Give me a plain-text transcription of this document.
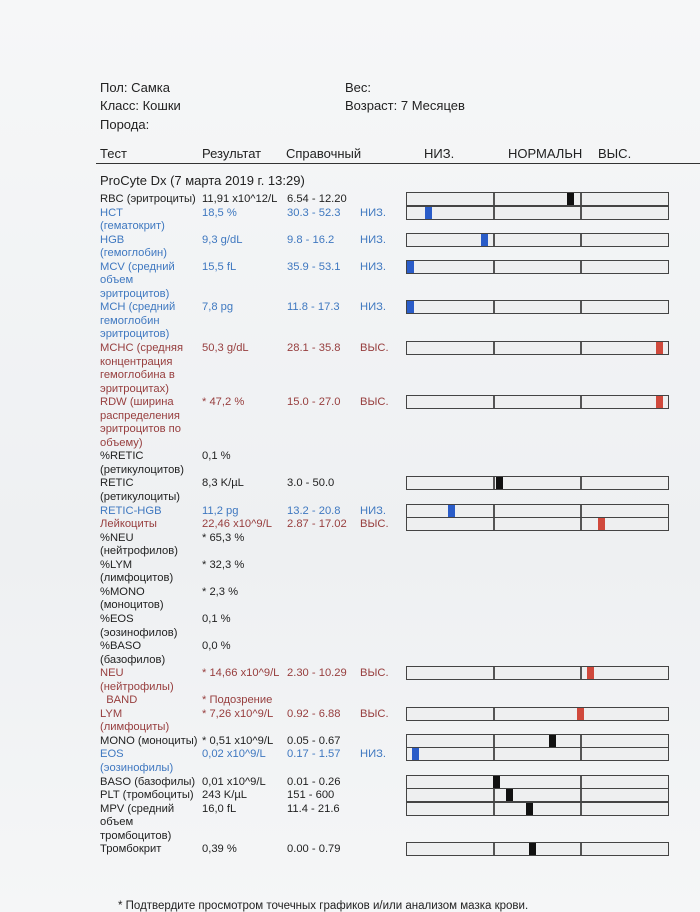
Пол: Самка
Класс: Кошки
Порода:
Вес:
Возраст: 7 Месяцев
Тест	Результат Справочный	НИЗ.	НОРМАЛЬН ВЫС.
ProCyte Dx (7 марта 2019 г. 13:29)
RBC (эритроциты) 11,91 x10^12/L 6.54 - 12.20
HCT
(гематокрит)
18,5 %	30.3 - 52.3 НИЗ.
HGB
(гемоглобин)
9,3 g/dL	9.8 - 16.2 НИЗ.
MCV (средний
объем
эритроцитов)
15,5 fL	35.9 - 53.1 НИЗ.
MCH (средний
гемоглобин
эритроцитов)
7,8 pg	11.8 - 17.3 НИЗ.
MCHC (средняя
концентрация
гемоглобина в
эритроцитах)
50,3 g/dL	28.1 - 35.8 ВЫС.
RDW (ширина
распределения
эритроцитов по
объему)
* 47,2 %	15.0 - 27.0 ВЫС.
%RETIC
(ретикулоцитов)
0,1 %
RETIC
(ретикулоциты)
8,3 K/µL	3.0 - 50.0
RETIC-HGB	11,2 pg	13.2 - 20.8 НИЗ.
Лейкоциты	22,46 x10^9/L 2.87 - 17.02 ВЫС.
%NEU
(нейтрофилов)
* 65,3 %
%LYM
(лимфоцитов)
* 32,3 %
%MONO
(моноцитов)
* 2,3 %
%EOS
(эозинофилов)
0,1 %
%BASO
(базофилов)
0,0 %
NEU
(нейтрофилы)
* 14,66 x10^9/L 2.30 - 10.29 ВЫС.
BAND	* Подозрение
LYM
(лимфоциты)
* 7,26 x10^9/L 0.92 - 6.88 ВЫС.
MONO (моноциты) * 0,51 x10^9/L 0.05 - 0.67
EOS
(эозинофилы)
0,02 x10^9/L 0.17 - 1.57 НИЗ.
BASO (базофилы) 0,01 x10^9/L 0.01 - 0.26
PLT (тромбоциты) 243 K/µL	151 - 600
MPV (средний
объем
тромбоцитов)
16,0 fL	11.4 - 21.6
Тромбокрит	0,39 %	0.00 - 0.79
* Подтвердите просмотром точечных графиков и/или анализом мазка крови.
